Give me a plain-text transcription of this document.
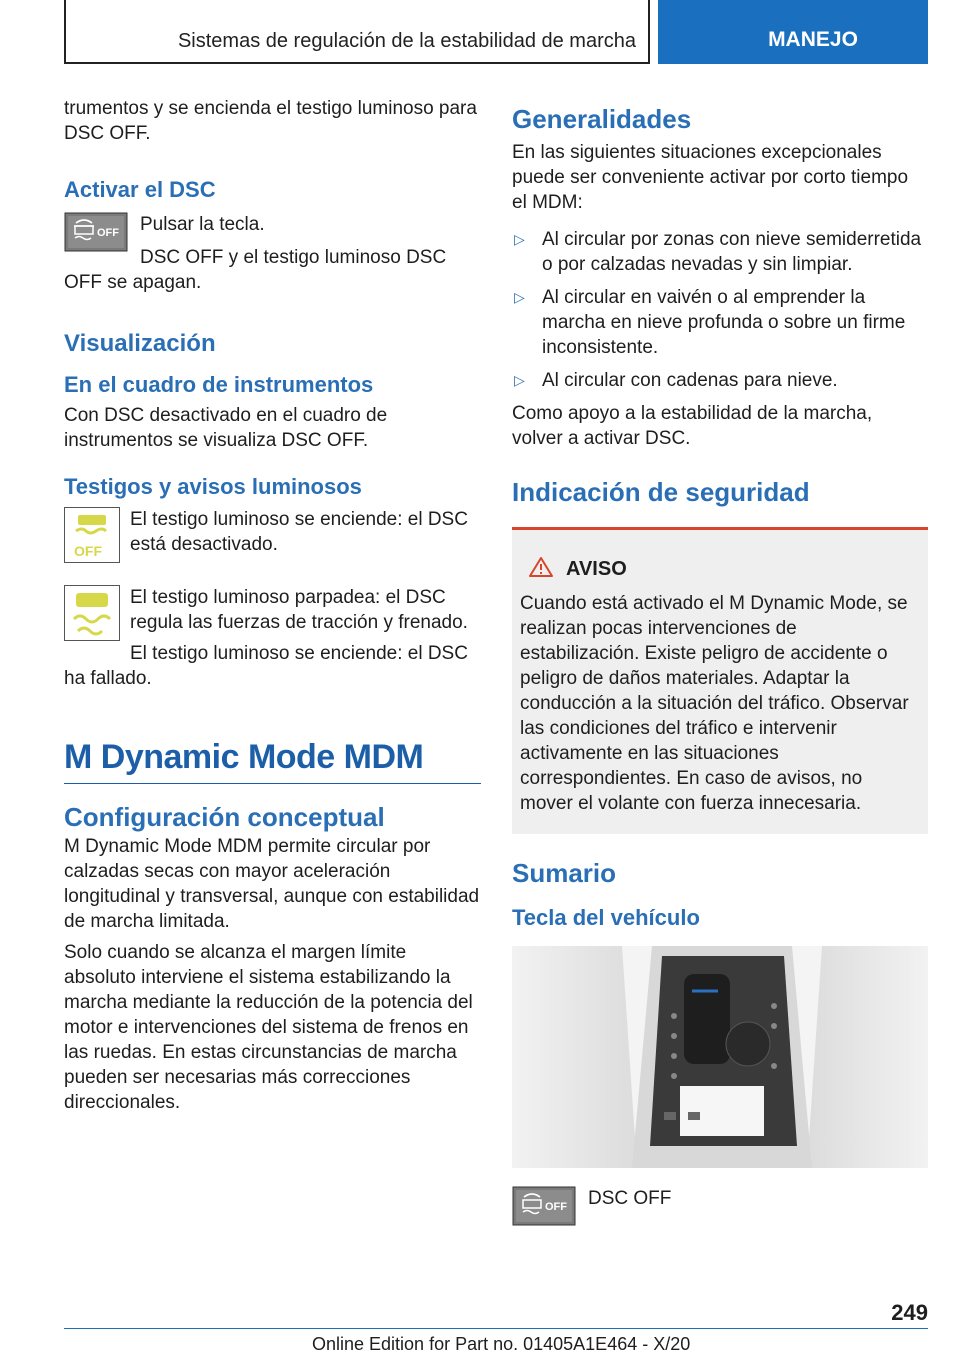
Sistemas de regulación de la estabilidad de marcha	MANEJO

trumentos y se encienda el testigo luminoso para DSC OFF.

Activar el DSC
OFF	Pulsar la tecla.

DSC OFF y el testigo luminoso DSC OFF se apagan.

Visualización
En el cuadro de instrumentos

Con DSC desactivado en el cuadro de instrumentos se visualiza DSC OFF.

Testigos y avisos luminosos
OFF

El testigo luminoso se enciende: el DSC está desactivado.

El testigo luminoso parpadea: el DSC regula las fuerzas de tracción y frenado.

El testigo luminoso se enciende: el DSC ha fallado.

M Dynamic Mode MDM
Configuración conceptual

M Dynamic Mode MDM permite circular por calzadas secas con mayor aceleración longitudinal y transversal, aunque con estabilidad de marcha limitada.

Solo cuando se alcanza el margen límite absoluto interviene el sistema estabilizando la marcha mediante la reducción de la potencia del motor e intervenciones del sistema de frenos en las ruedas. En estas circunstancias de marcha pueden ser necesarias más correcciones direccionales.

Generalidades

En las siguientes situaciones excepcionales puede ser conveniente activar por corto tiempo el MDM:

▷ Al circular por zonas con nieve semiderretida o por calzadas nevadas y sin limpiar.
▷ Al circular en vaivén o al emprender la marcha en nieve profunda o sobre un firme inconsistente.
▷ Al circular con cadenas para nieve.

Como apoyo a la estabilidad de la marcha, volver a activar DSC.

Indicación de seguridad
AVISO

Cuando está activado el M Dynamic Mode, se realizan pocas intervenciones de estabilización. Existe peligro de accidente o peligro de daños materiales. Adaptar la conducción a la situación del tráfico. Observar las condiciones del tráfico e intervenir activamente en las situaciones correspondientes. En caso de avisos, no mover el volante con fuerza innecesaria.

Sumario
Tecla del vehículo
OFF	DSC OFF

249
Online Edition for Part no. 01405A1E464 - X/20
